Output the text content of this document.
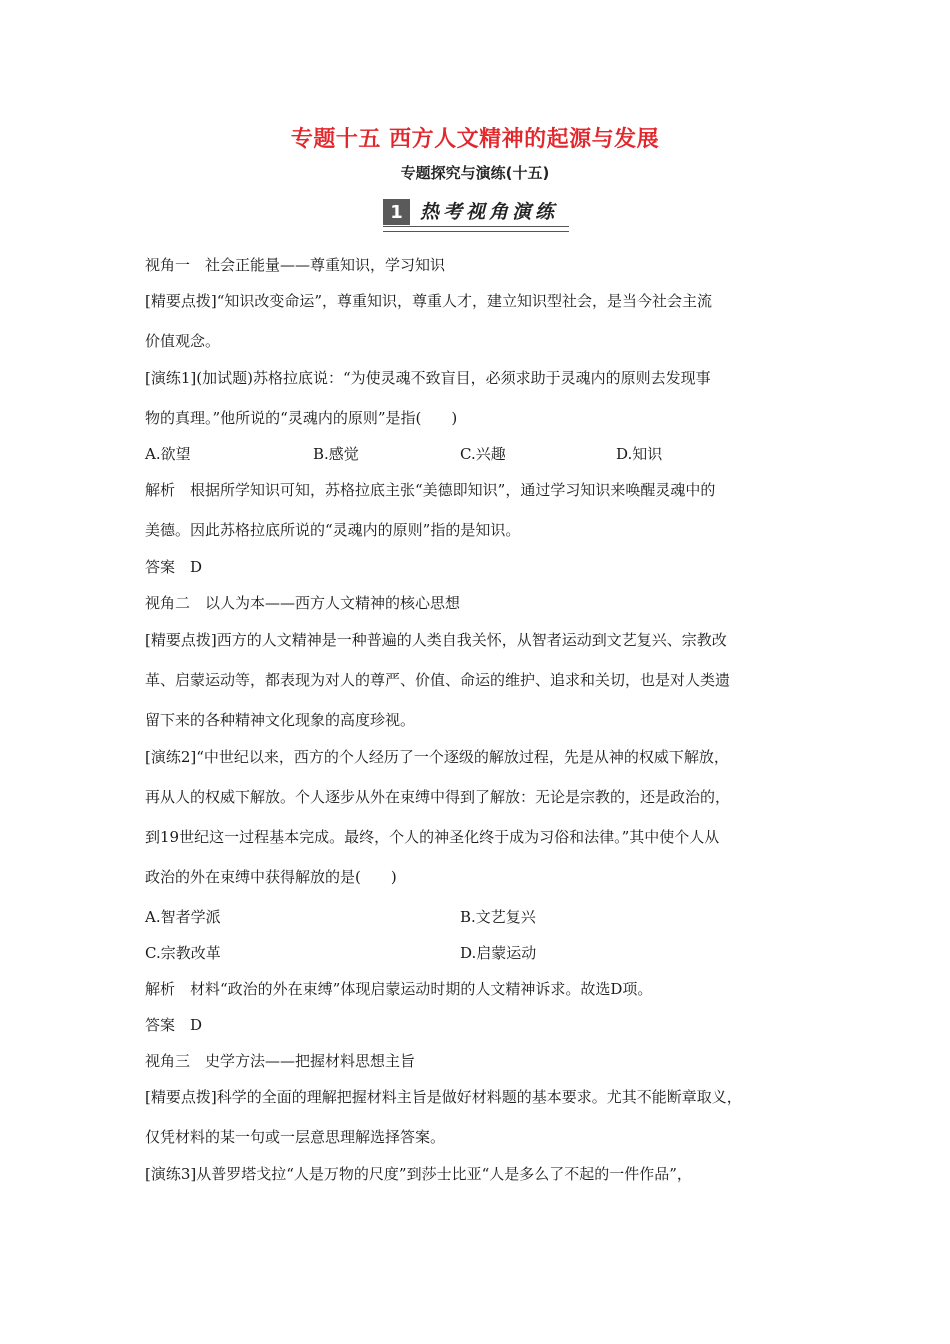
专题十五 西方人文精神的起源与发展
专题探究与演练(十五)
1 热考视角演练
视角一　社会正能量——尊重知识，学习知识
[精要点拨]“知识改变命运”，尊重知识，尊重人才，建立知识型社会，是当今社会主流
价值观念。
[演练1](加试题)苏格拉底说：“为使灵魂不致盲目，必须求助于灵魂内的原则去发现事
物的真理。”他所说的“灵魂内的原则”是指(　　)
A.欲望	B.感觉	C.兴趣	D.知识
解析　根据所学知识可知，苏格拉底主张“美德即知识”，通过学习知识来唤醒灵魂中的
美德。因此苏格拉底所说的“灵魂内的原则”指的是知识。
答案　D
视角二　以人为本——西方人文精神的核心思想
[精要点拨]西方的人文精神是一种普遍的人类自我关怀，从智者运动到文艺复兴、宗教改
革、启蒙运动等，都表现为对人的尊严、价值、命运的维护、追求和关切，也是对人类遗
留下来的各种精神文化现象的高度珍视。
[演练2]“中世纪以来，西方的个人经历了一个逐级的解放过程，先是从神的权威下解放，
再从人的权威下解放。个人逐步从外在束缚中得到了解放：无论是宗教的，还是政治的，
到19世纪这一过程基本完成。最终，个人的神圣化终于成为习俗和法律。”其中使个人从
政治的外在束缚中获得解放的是(　　)
A.智者学派	B.文艺复兴
C.宗教改革	D.启蒙运动
解析　材料“政治的外在束缚”体现启蒙运动时期的人文精神诉求。故选D项。
答案　D
视角三　史学方法——把握材料思想主旨
[精要点拨]科学的全面的理解把握材料主旨是做好材料题的基本要求。尤其不能断章取义，
仅凭材料的某一句或一层意思理解选择答案。
[演练3]从普罗塔戈拉“人是万物的尺度”到莎士比亚“人是多么了不起的一件作品”，
